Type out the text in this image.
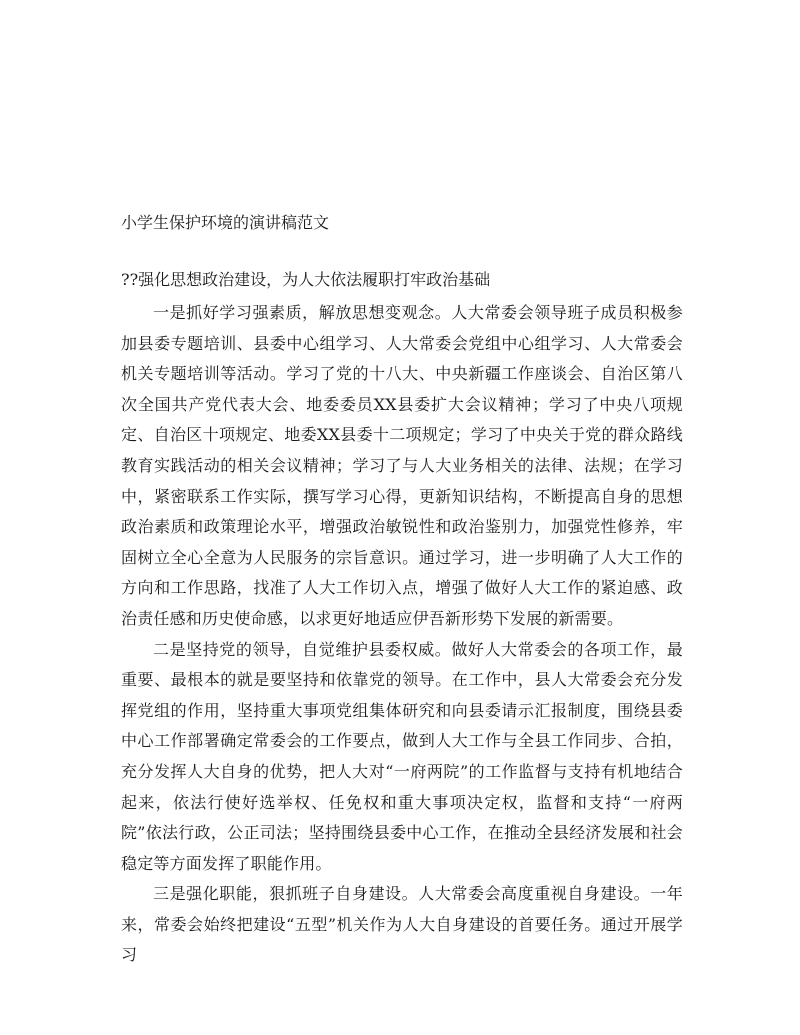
小学生保护环境的演讲稿范文
??强化思想政治建设，为人大依法履职打牢政治基础

一是抓好学习强素质，解放思想变观念。人大常委会领导班子成员积极参加县委专题培训、县委中心组学习、人大常委会党组中心组学习、人大常委会机关专题培训等活动。学习了党的十八大、中央新疆工作座谈会、自治区第八次全国共产党代表大会、地委委员XX县委扩大会议精神；学习了中央八项规定、自治区十项规定、地委XX县委十二项规定；学习了中央关于党的群众路线教育实践活动的相关会议精神；学习了与人大业务相关的法律、法规；在学习中，紧密联系工作实际，撰写学习心得，更新知识结构，不断提高自身的思想政治素质和政策理论水平，增强政治敏锐性和政治鉴别力，加强党性修养，牢固树立全心全意为人民服务的宗旨意识。通过学习，进一步明确了人大工作的方向和工作思路，找准了人大工作切入点，增强了做好人大工作的紧迫感、政治责任感和历史使命感，以求更好地适应伊吾新形势下发展的新需要。

二是坚持党的领导，自觉维护县委权威。做好人大常委会的各项工作，最重要、最根本的就是要坚持和依靠党的领导。在工作中，县人大常委会充分发挥党组的作用，坚持重大事项党组集体研究和向县委请示汇报制度，围绕县委中心工作部署确定常委会的工作要点，做到人大工作与全县工作同步、合拍，充分发挥人大自身的优势，把人大对“一府两院”的工作监督与支持有机地结合起来，依法行使好选举权、任免权和重大事项决定权，监督和支持“一府两院”依法行政，公正司法；坚持围绕县委中心工作，在推动全县经济发展和社会稳定等方面发挥了职能作用。

三是强化职能，狠抓班子自身建设。人大常委会高度重视自身建设。一年来，常委会始终把建设“五型”机关作为人大自身建设的首要任务。通过开展学习
